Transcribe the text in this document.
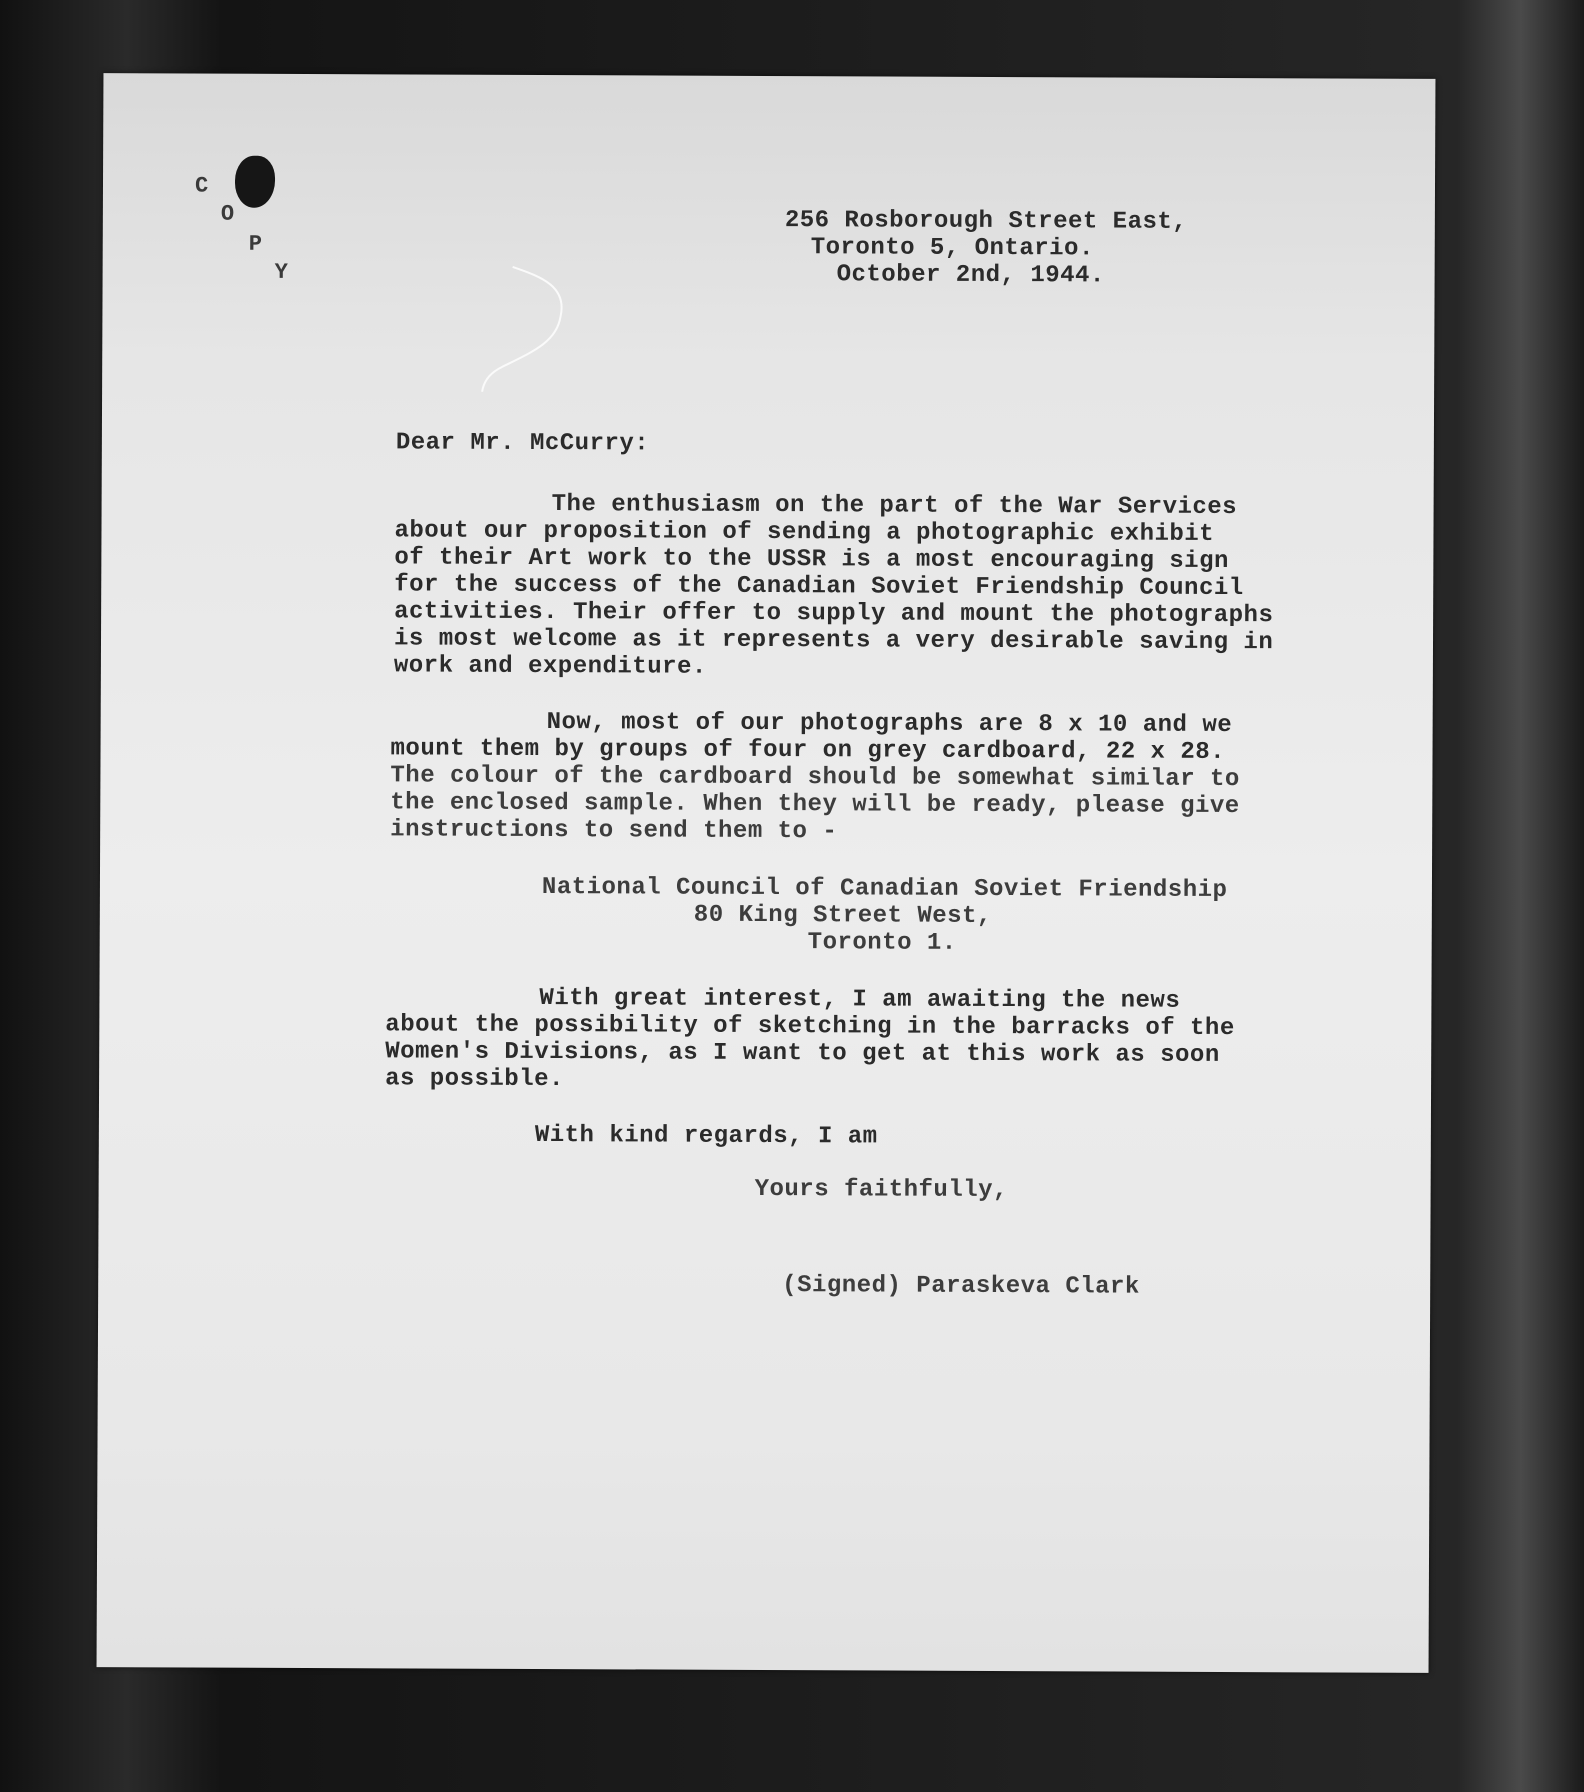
C
O
P
Y
256 Rosborough Street East,
Toronto 5, Ontario.
October 2nd, 1944.
Dear Mr. McCurry:
The enthusiasm on the part of the War Services
about our proposition of sending a photographic exhibit
of their Art work to the USSR is a most encouraging sign
for the success of the Canadian Soviet Friendship Council
activities. Their offer to supply and mount the photographs
is most welcome as it represents a very desirable saving in
work and expenditure.
Now, most of our photographs are 8 x 10 and we
mount them by groups of four on grey cardboard, 22 x 28.
The colour of the cardboard should be somewhat similar to
the enclosed sample. When they will be ready, please give
instructions to send them to -
National Council of Canadian Soviet Friendship
80 King Street West,
Toronto 1.
With great interest, I am awaiting the news
about the possibility of sketching in the barracks of the
Women's Divisions, as I want to get at this work as soon
as possible.
With kind regards, I am
Yours faithfully,
(Signed) Paraskeva Clark
